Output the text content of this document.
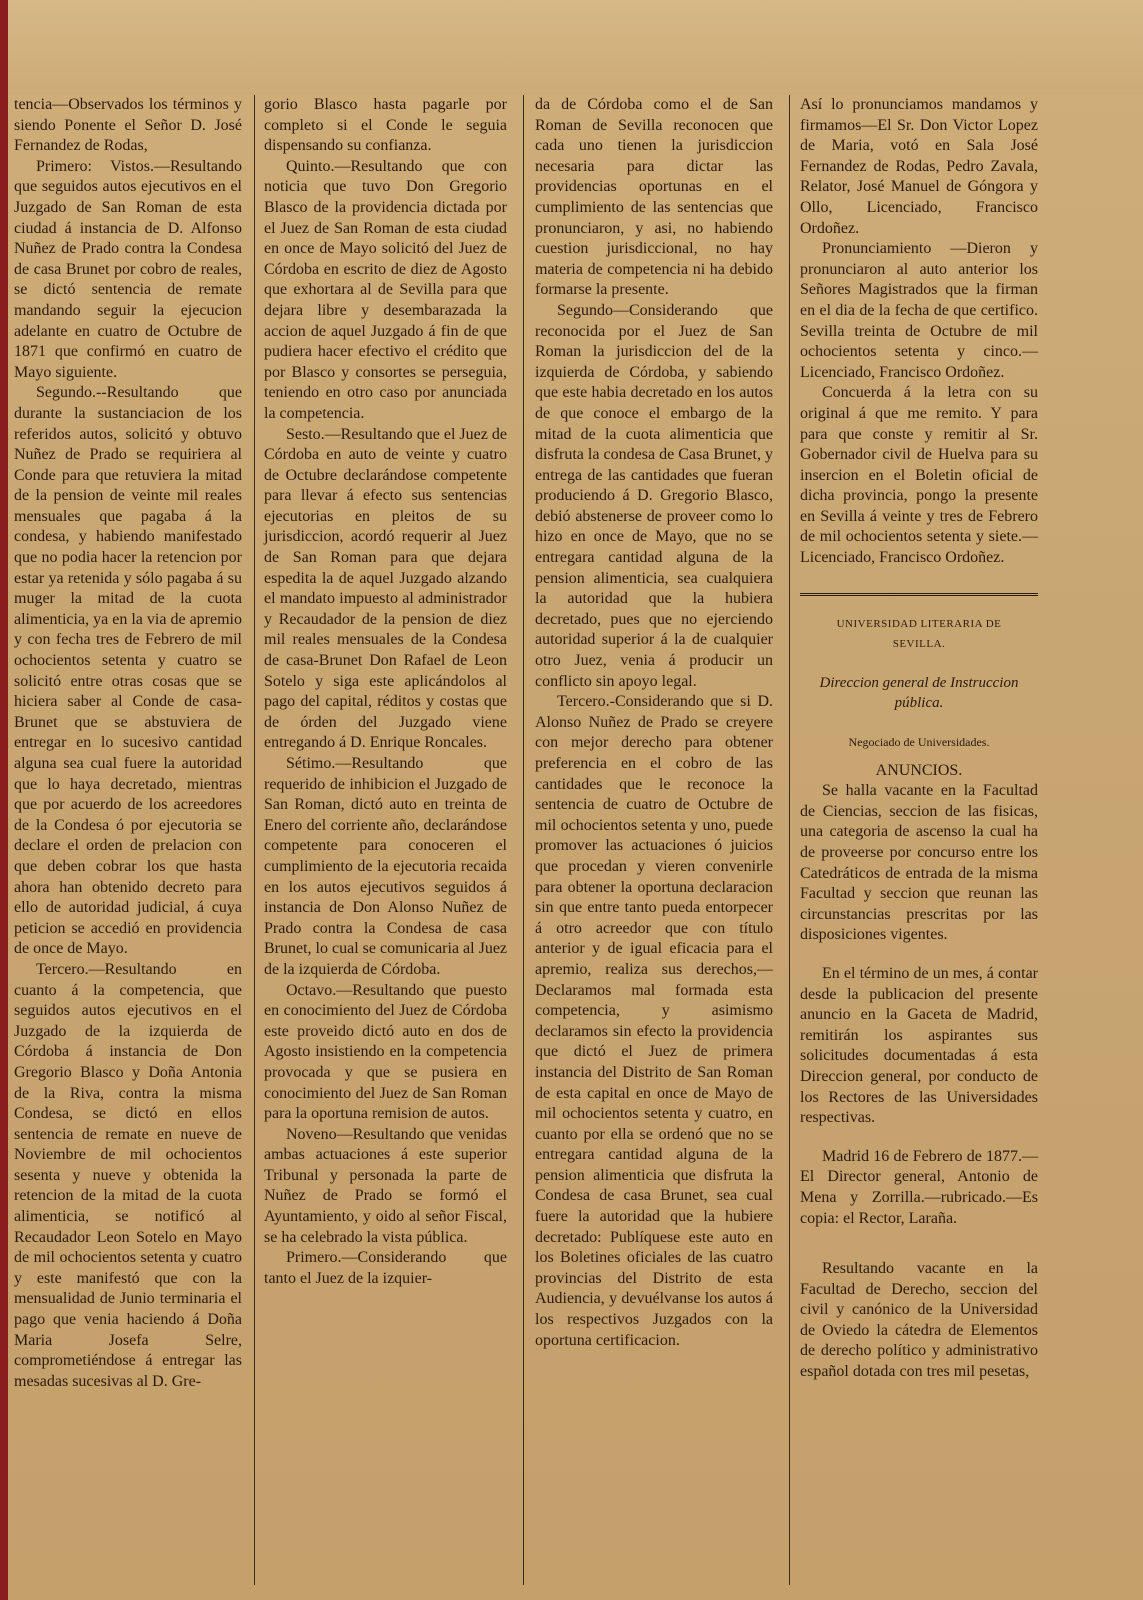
tencia—Observados los términos y siendo Ponente el Señor D. José Fernandez de Rodas,

Primero: Vistos.—Resultando que seguidos autos ejecutivos en el Juzgado de San Roman de esta ciudad á instancia de D. Alfonso Nuñez de Prado contra la Condesa de casa Brunet por cobro de reales, se dictó sentencia de remate mandando seguir la ejecucion adelante en cuatro de Octubre de 1871 que confirmó en cuatro de Mayo siguiente.

Segundo.--Resultando que durante la sustanciacion de los referidos autos, solicitó y obtuvo Nuñez de Prado se requiriera al Conde para que retuviera la mitad de la pension de veinte mil reales mensuales que pagaba á la condesa, y habiendo manifestado que no podia hacer la retencion por estar ya retenida y sólo pagaba á su muger la mitad de la cuota alimenticia, ya en la via de apremio y con fecha tres de Febrero de mil ochocientos setenta y cuatro se solicitó entre otras cosas que se hiciera saber al Conde de casa-Brunet que se abstuviera de entregar en lo sucesivo cantidad alguna sea cual fuere la autoridad que lo haya decretado, mientras que por acuerdo de los acreedores de la Condesa ó por ejecutoria se declare el orden de prelacion con que deben cobrar los que hasta ahora han obtenido decreto para ello de autoridad judicial, á cuya peticion se accedió en providencia de once de Mayo.

Tercero.—Resultando en cuanto á la competencia, que seguidos autos ejecutivos en el Juzgado de la izquierda de Córdoba á instancia de Don Gregorio Blasco y Doña Antonia de la Riva, contra la misma Condesa, se dictó en ellos sentencia de remate en nueve de Noviembre de mil ochocientos sesenta y nueve y obtenida la retencion de la mitad de la cuota alimenticia, se notificó al Recaudador Leon Sotelo en Mayo de mil ochocientos setenta y cuatro y este manifestó que con la mensualidad de Junio terminaria el pago que venia haciendo á Doña Maria Josefa Selre, comprometiéndose á entregar las mesadas sucesivas al D. Gre-

gorio Blasco hasta pagarle por completo si el Conde le seguia dispensando su confianza.

Quinto.—Resultando que con noticia que tuvo Don Gregorio Blasco de la providencia dictada por el Juez de San Roman de esta ciudad en once de Mayo solicitó del Juez de Córdoba en escrito de diez de Agosto que exhortara al de Sevilla para que dejara libre y desembarazada la accion de aquel Juzgado á fin de que pudiera hacer efectivo el crédito que por Blasco y consortes se perseguia, teniendo en otro caso por anunciada la competencia.

Sesto.—Resultando que el Juez de Córdoba en auto de veinte y cuatro de Octubre declarándose competente para llevar á efecto sus sentencias ejecutorias en pleitos de su jurisdiccion, acordó requerir al Juez de San Roman para que dejara espedita la de aquel Juzgado alzando el mandato impuesto al administrador y Recaudador de la pension de diez mil reales mensuales de la Condesa de casa-Brunet Don Rafael de Leon Sotelo y siga este aplicándolos al pago del capital, réditos y costas que de órden del Juzgado viene entregando á D. Enrique Roncales.

Sétimo.—Resultando que requerido de inhibicion el Juzgado de San Roman, dictó auto en treinta de Enero del corriente año, declarándose competente para conoceren el cumplimiento de la ejecutoria recaida en los autos ejecutivos seguidos á instancia de Don Alonso Nuñez de Prado contra la Condesa de casa Brunet, lo cual se comunicaria al Juez de la izquierda de Córdoba.

Octavo.—Resultando que puesto en conocimiento del Juez de Córdoba este proveido dictó auto en dos de Agosto insistiendo en la competencia provocada y que se pusiera en conocimiento del Juez de San Roman para la oportuna remision de autos.

Noveno—Resultando que venidas ambas actuaciones á este superior Tribunal y personada la parte de Nuñez de Prado se formó el Ayuntamiento, y oido al señor Fiscal, se ha celebrado la vista pública.

Primero.—Considerando que tanto el Juez de la izquier-

da de Córdoba como el de San Roman de Sevilla reconocen que cada uno tienen la jurisdiccion necesaria para dictar las providencias oportunas en el cumplimiento de las sentencias que pronunciaron, y asi, no habiendo cuestion jurisdiccional, no hay materia de competencia ni ha debido formarse la presente.

Segundo—Considerando que reconocida por el Juez de San Roman la jurisdiccion del de la izquierda de Córdoba, y sabiendo que este habia decretado en los autos de que conoce el embargo de la mitad de la cuota alimenticia que disfruta la condesa de Casa Brunet, y entrega de las cantidades que fueran produciendo á D. Gregorio Blasco, debió abstenerse de proveer como lo hizo en once de Mayo, que no se entregara cantidad alguna de la pension alimenticia, sea cualquiera la autoridad que la hubiera decretado, pues que no ejerciendo autoridad superior á la de cualquier otro Juez, venia á producir un conflicto sin apoyo legal.

Tercero.-Considerando que si D. Alonso Nuñez de Prado se creyere con mejor derecho para obtener preferencia en el cobro de las cantidades que le reconoce la sentencia de cuatro de Octubre de mil ochocientos setenta y uno, puede promover las actuaciones ó juicios que procedan y vieren convenirle para obtener la oportuna declaracion sin que entre tanto pueda entorpecer á otro acreedor que con título anterior y de igual eficacia para el apremio, realiza sus derechos,—Declaramos mal formada esta competencia, y asimismo declaramos sin efecto la providencia que dictó el Juez de primera instancia del Distrito de San Roman de esta capital en once de Mayo de mil ochocientos setenta y cuatro, en cuanto por ella se ordenó que no se entregara cantidad alguna de la pension alimenticia que disfruta la Condesa de casa Brunet, sea cual fuere la autoridad que la hubiere decretado: Publíquese este auto en los Boletines oficiales de las cuatro provincias del Distrito de esta Audiencia, y devuélvanse los autos á los respectivos Juzgados con la oportuna certificacion.

Así lo pronunciamos mandamos y firmamos—El Sr. Don Victor Lopez de Maria, votó en Sala José Fernandez de Rodas, Pedro Zavala, Relator, José Manuel de Góngora y Ollo, Licenciado, Francisco Ordoñez.

Pronunciamiento —Dieron y pronunciaron al auto anterior los Señores Magistrados que la firman en el dia de la fecha de que certifico. Sevilla treinta de Octubre de mil ochocientos setenta y cinco.—Licenciado, Francisco Ordoñez.

Concuerda á la letra con su original á que me remito. Y para para que conste y remitir al Sr. Gobernador civil de Huelva para su insercion en el Boletin oficial de dicha provincia, pongo la presente en Sevilla á veinte y tres de Febrero de mil ochocientos setenta y siete.—Licenciado, Francisco Ordoñez.

UNIVERSIDAD LITERARIA DE

SEVILLA.

Direccion general de Instruccion pública.

Negociado de Universidades.

ANUNCIOS.

Se halla vacante en la Facultad de Ciencias, seccion de las fisicas, una categoria de ascenso la cual ha de proveerse por concurso entre los Catedráticos de entrada de la misma Facultad y seccion que reunan las circunstancias prescritas por las disposiciones vigentes.

En el término de un mes, á contar desde la publicacion del presente anuncio en la Gaceta de Madrid, remitirán los aspirantes sus solicitudes documentadas á esta Direccion general, por conducto de los Rectores de las Universidades respectivas.

Madrid 16 de Febrero de 1877.—El Director general, Antonio de Mena y Zorrilla.—rubricado.—Es copia: el Rector, Laraña.

Resultando vacante en la Facultad de Derecho, seccion del civil y canónico de la Universidad de Oviedo la cátedra de Elementos de derecho político y administrativo español dotada con tres mil pesetas,
